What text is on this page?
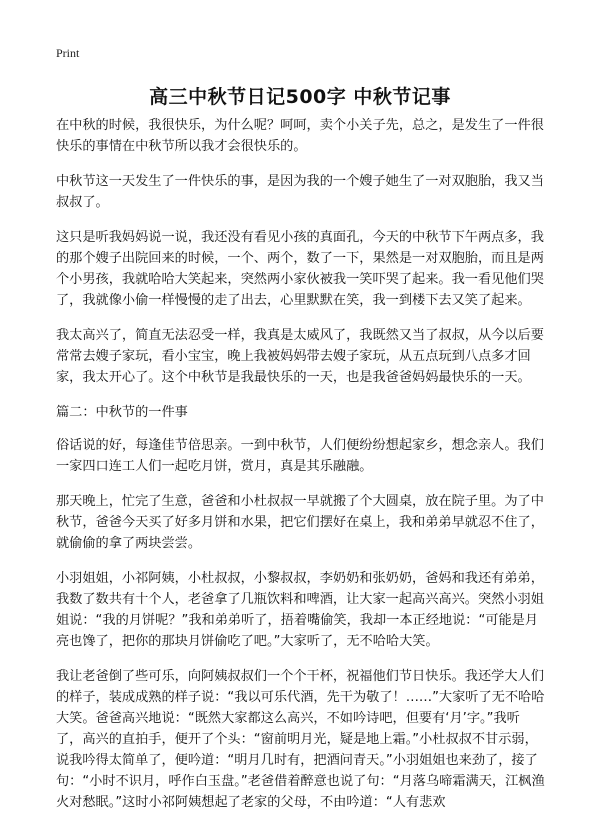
Print
高三中秋节日记500字 中秋节记事

在中秋的时候，我很快乐，为什么呢？呵呵，卖个小关子先，总之，是发生了一件很快乐的事情在中秋节所以我才会很快乐的。

中秋节这一天发生了一件快乐的事，是因为我的一个嫂子她生了一对双胞胎，我又当叔叔了。

这只是听我妈妈说一说，我还没有看见小孩的真面孔，今天的中秋节下午两点多，我的那个嫂子出院回来的时候，一个、两个，数了一下，果然是一对双胞胎，而且是两个小男孩，我就哈哈大笑起来，突然两小家伙被我一笑吓哭了起来。我一看见他们哭了，我就像小偷一样慢慢的走了出去，心里默默在笑，我一到楼下去又笑了起来。

我太高兴了，简直无法忍受一样，我真是太威风了，我既然又当了叔叔，从今以后要常常去嫂子家玩，看小宝宝，晚上我被妈妈带去嫂子家玩，从五点玩到八点多才回家，我太开心了。这个中秋节是我最快乐的一天，也是我爸爸妈妈最快乐的一天。

篇二：中秋节的一件事

俗话说的好，每逢佳节倍思亲。一到中秋节，人们便纷纷想起家乡，想念亲人。我们一家四口连工人们一起吃月饼，赏月，真是其乐融融。

那天晚上，忙完了生意，爸爸和小杜叔叔一早就搬了个大圆桌，放在院子里。为了中秋节，爸爸今天买了好多月饼和水果，把它们摆好在桌上，我和弟弟早就忍不住了，就偷偷的拿了两块尝尝。

小羽姐姐，小祁阿姨，小杜叔叔，小黎叔叔，李奶奶和张奶奶，爸妈和我还有弟弟，我数了数共有十个人，老爸拿了几瓶饮料和啤酒，让大家一起高兴高兴。突然小羽姐姐说：“我的月饼呢？”我和弟弟听了，捂着嘴偷笑，我却一本正经地说：“可能是月亮也馋了，把你的那块月饼偷吃了吧。”大家听了，无不哈哈大笑。

我让老爸倒了些可乐，向阿姨叔叔们一个个干杯，祝福他们节日快乐。我还学大人们的样子，装成成熟的样子说：“我以可乐代酒，先干为敬了！……”大家听了无不哈哈大笑。爸爸高兴地说：“既然大家都这么高兴，不如吟诗吧，但要有‘月’字。”我听了，高兴的直拍手，便开了个头：“窗前明月光，疑是地上霜。”小杜叔叔不甘示弱，说我吟得太简单了，便吟道：“明月几时有，把酒问青天。”小羽姐姐也来劲了，接了句：“小时不识月，呼作白玉盘。”老爸借着醉意也说了句：“月落乌啼霜满天，江枫渔火对愁眠。”这时小祁阿姨想起了老家的父母，不由吟道：“人有悲欢
